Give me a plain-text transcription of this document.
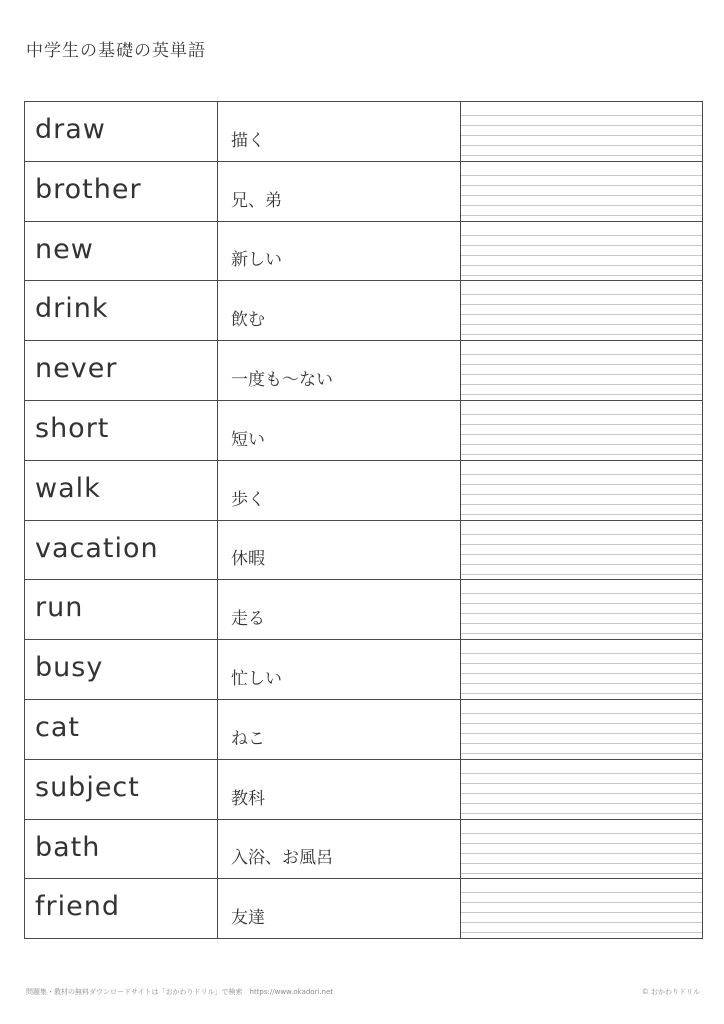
中学生の基礎の英単語
draw	描く	
brother	兄、弟	
new	新しい	
drink	飲む	
never	一度も～ない	
short	短い	
walk	歩く	
vacation	休暇	
run	走る	
busy	忙しい	
cat	ねこ	
subject	教科	
bath	入浴、お風呂	
friend	友達	
問題集・教材の無料ダウンロードサイトは「おかわりドリル」で検索　https://www.okadori.net	© おかわりドリル
